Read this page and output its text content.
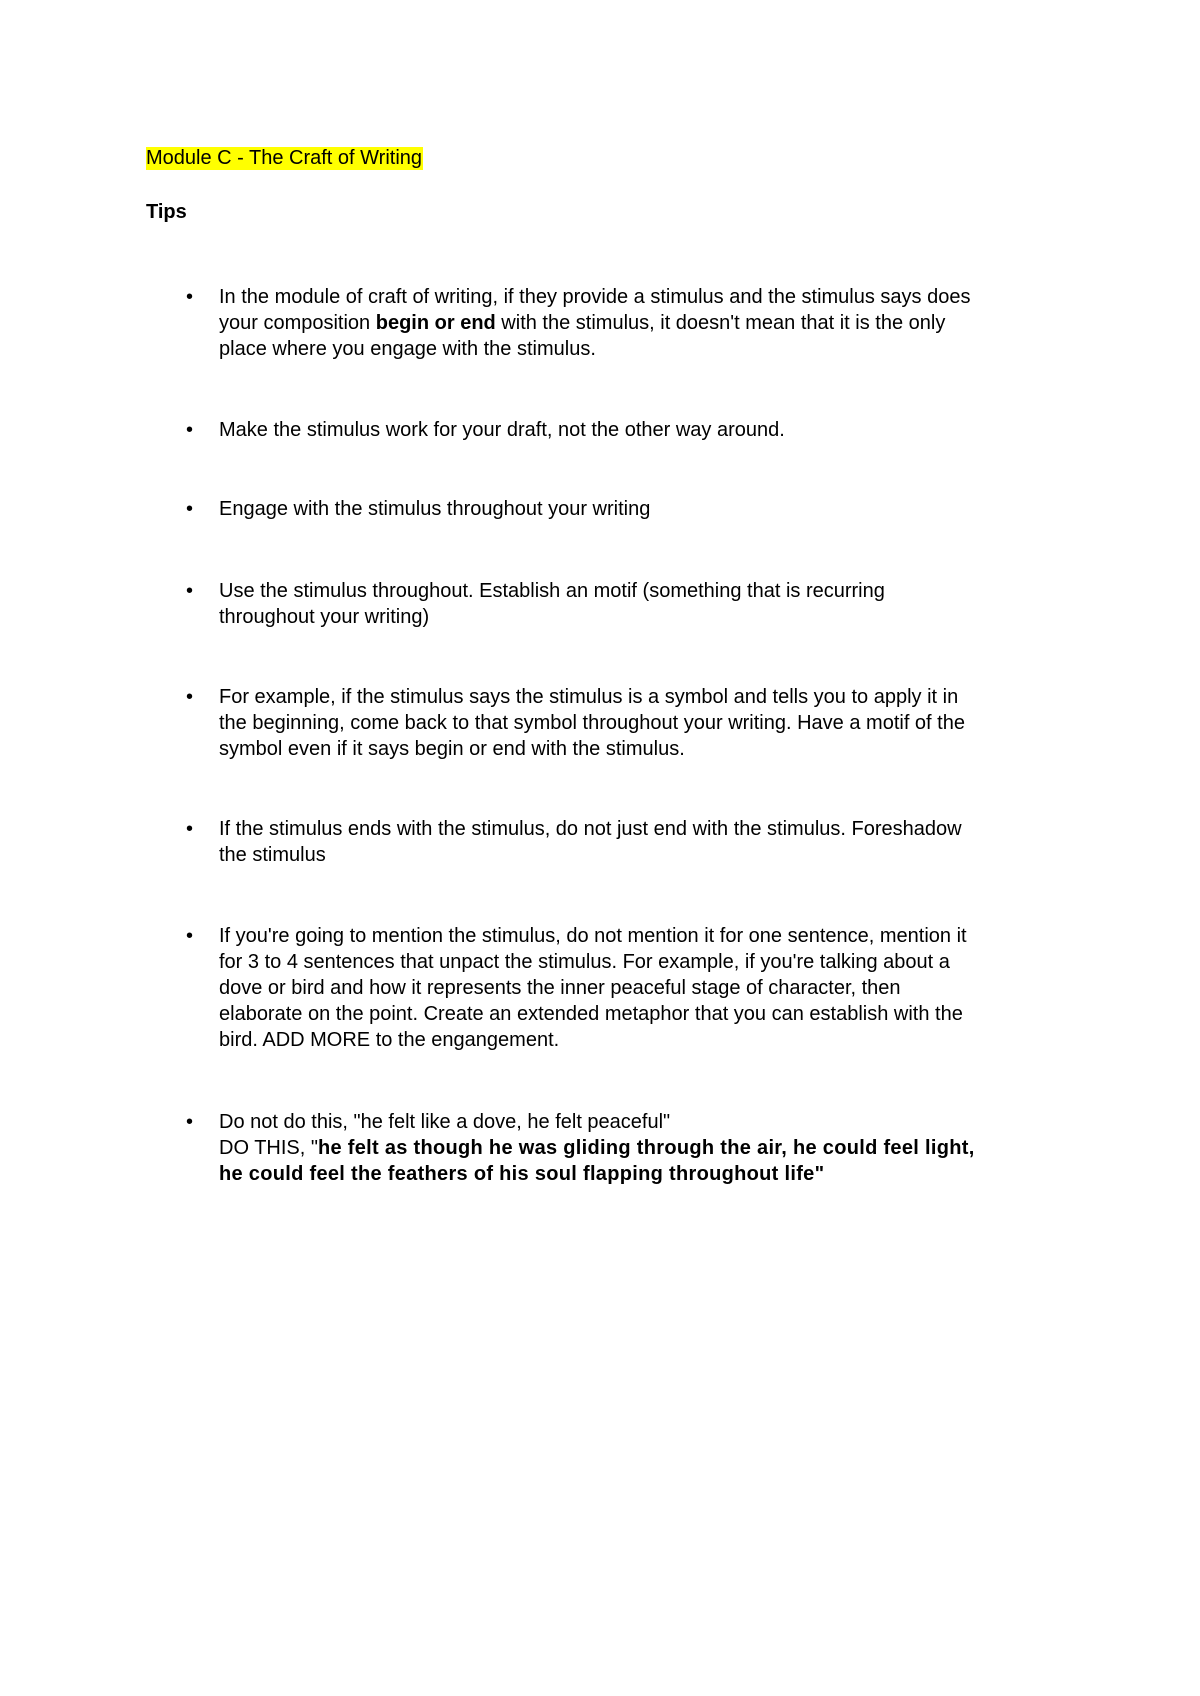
Module C - The Craft of Writing

Tips

•	In the module of craft of writing, if they provide a stimulus and the stimulus says does
your composition begin or end with the stimulus, it doesn't mean that it is the only
place where you engage with the stimulus.
•	Make the stimulus work for your draft, not the other way around.
•	Engage with the stimulus throughout your writing
•	Use the stimulus throughout. Establish an motif (something that is recurring
throughout your writing)
•	For example, if the stimulus says the stimulus is a symbol and tells you to apply it in
the beginning, come back to that symbol throughout your writing. Have a motif of the
symbol even if it says begin or end with the stimulus.
•	If the stimulus ends with the stimulus, do not just end with the stimulus. Foreshadow
the stimulus
•	If you're going to mention the stimulus, do not mention it for one sentence, mention it
for 3 to 4 sentences that unpact the stimulus. For example, if you're talking about a
dove or bird and how it represents the inner peaceful stage of character, then
elaborate on the point. Create an extended metaphor that you can establish with the
bird. ADD MORE to the engangement.
•	Do not do this, "he felt like a dove, he felt peaceful"
DO THIS, "he felt as though he was gliding through the air, he could feel light,
he could feel the feathers of his soul flapping throughout life"
